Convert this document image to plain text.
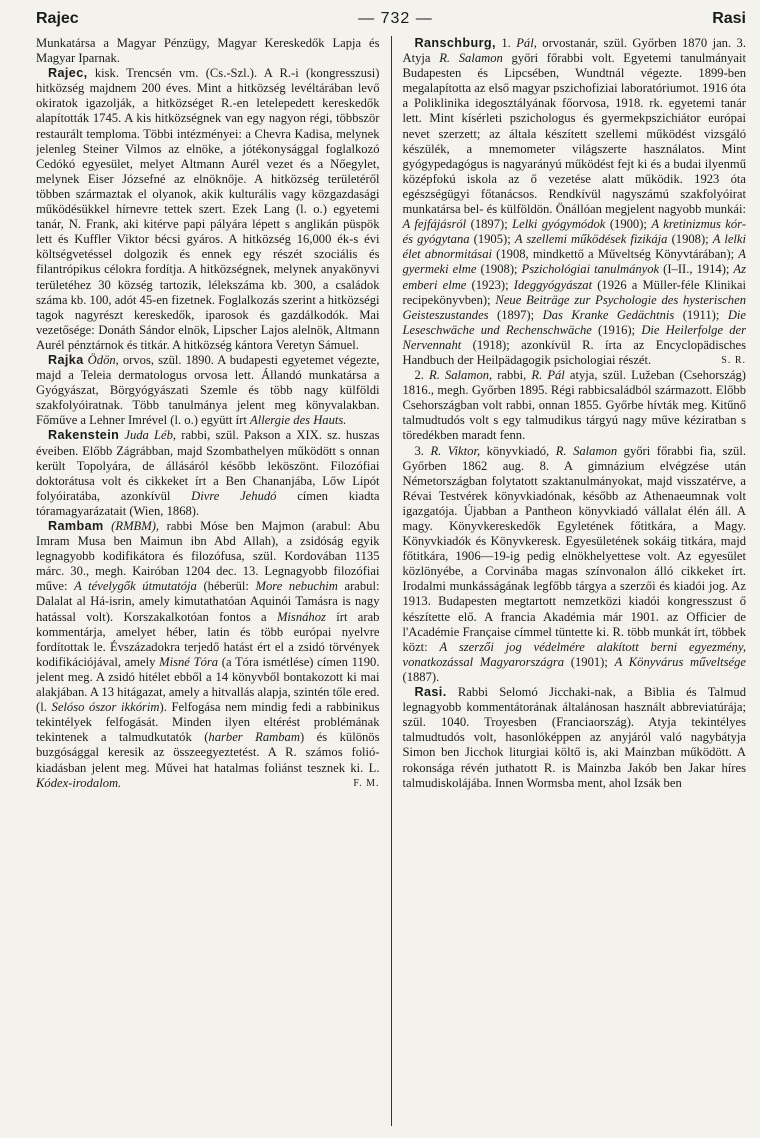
Rajec	— 732 —	Rasi

Munkatársa a Magyar Pénzügy, Magyar Kereskedők Lapja és Magyar Iparnak.

Rajec, kisk. Trencsén vm. (Cs.-Szl.). A R.-i (kongresszusi) hitközség majdnem 200 éves. Mint a hitközség levéltárában levő okiratok igazolják, a hitközséget R.-en letelepedett kereskedők alapították 1745. A kis hitközségnek van egy nagyon régi, többször restaurált temploma. Többi intézményei: a Chevra Kadisa, melynek jelenleg Steiner Vilmos az elnöke, a jótékonysággal foglalkozó Cedókó egyesület, melyet Altmann Aurél vezet és a Nőegylet, melynek Eiser Józsefné az elnöknője. A hitközség területéről többen származtak el olyanok, akik kulturális vagy közgazdasági működésükkel hírnevre tettek szert. Ezek Lang (l. o.) egyetemi tanár, N. Frank, aki kitérve papi pályára lépett s anglikán püspök lett és Kuffler Viktor bécsi gyáros. A hitközség 16,000 ék-s évi költségvetéssel dolgozik és ennek egy részét szociális és filantrópikus célokra fordítja. A hitközségnek, melynek anyakönyvi területéhez 30 község tartozik, lélekszáma kb. 300, a családok száma kb. 100, adót 45-en fizetnek. Foglalkozás szerint a hitközségi tagok nagyrészt kereskedők, iparosok és gazdálkodók. Mai vezetősége: Donáth Sándor elnök, Lipscher Lajos alelnök, Altmann Aurél pénztárnok és titkár. A hitközség kántora Veretyn Sámuel.

Rajka Ödön, orvos, szül. 1890. A budapesti egyetemet végezte, majd a Teleia dermatologus orvosa lett. Állandó munkatársa a Gyógyászat, Börgyógyászati Szemle és több nagy külföldi szakfolyóiratnak. Több tanulmánya jelent meg könyvalakban. Főműve a Lehner Imrével (l. o.) együtt írt Allergie des Hauts.

Rakenstein Juda Léb, rabbi, szül. Pakson a XIX. sz. huszas éveiben. Előbb Zágrábban, majd Szombathelyen működött s onnan került Topolyára, de állásáról később leköszönt. Filozófiai doktorátusa volt és cikkeket írt a Ben Chananjába, Lőw Lipót folyóiratába, azonkívül Divre Jehudó címen kiadta tóramagyarázatait (Wien, 1868).

Rambam (RMBM), rabbi Móse ben Majmon (arabul: Abu Imram Musa ben Maimun ibn Abd Allah), a zsidóság egyik legnagyobb kodifikátora és filozófusa, szül. Kordovában 1135 márc. 30., megh. Kairóban 1204 dec. 13. Legnagyobb filozófiai műve: A tévelygők útmutatója (héberül: More nebuchim arabul: Dalalat al Há-isrin, amely kimutathatóan Aquinói Tamásra is nagy hatással volt). Korszakalkotóan fontos a Misnához írt arab kommentárja, amelyet héber, latin és több európai nyelvre fordítottak le. Évszázadokra terjedő hatást ért el a zsidó törvények kodifikációjával, amely Misné Tóra (a Tóra ismétlése) címen 1190. jelent meg. A zsidó hitélet ebből a 14 könyvből bontakozott ki mai alakjában. A 13 hitágazat, amely a hitvallás alapja, szintén tőle ered. (l. Selóso ószor ikkórim). Felfogása nem mindig fedi a rabbinikus tekintélyek felfogását. Minden ilyen eltérést problémának tekintenek a talmudkutatók (harber Rambam) és különös buzgósággal keresik az összeegyeztetést. A R. számos folió-kiadásban jelent meg. Művei hat hatalmas foliánst tesznek ki. L. Kódex-irodalom.	F. M.

Ranschburg, 1. Pál, orvostanár, szül. Győrben 1870 jan. 3. Atyja R. Salamon győri főrabbi volt. Egyetemi tanulmányait Budapesten és Lipcsében, Wundtnál végezte. 1899-ben megalapította az első magyar pszichofiziai laboratóriumot. 1916 óta a Poliklinika idegosztályának főorvosa, 1918. rk. egyetemi tanár lett. Mint kísérleti pszichologus és gyermekpszichiátor európai nevet szerzett; az általa készített szellemi működést vizsgáló készülék, a mnemometer világszerte használatos. Mint gyógypedagógus is nagyarányú működést fejt ki és a budai ilyenmű középfokú iskola az ő vezetése alatt működik. 1923 óta egészségügyi főtanácsos. Rendkívül nagyszámú szakfolyóirat munkatársa bel- és külföldön. Önállóan megjelent nagyobb munkái: A fejfájásról (1897); Lelki gyógymódok (1900); A kretinizmus kór- és gyógytana (1905); A szellemi működések fizikája (1908); A lelki élet abnormitásai (1908, mindkettő a Műveltség Könyvtárában); A gyermeki elme (1908); Pszichológiai tanulmányok (I–II., 1914); Az emberi elme (1923); Ideggyógyászat (1926 a Müller-féle Klinikai recipekönyvben); Neue Beiträge zur Psychologie des hysterischen Geisteszustandes (1897); Das Kranke Gedächtnis (1911); Die Leseschwäche und Rechenschwäche (1916); Die Heilerfolge der Nervennaht (1918); azonkívül R. írta az Encyclopädisches Handbuch der Heilpädagogik psichologiai részét.	S. R.

2. R. Salamon, rabbi, R. Pál atyja, szül. Lužeban (Csehország) 1816., megh. Győrben 1895. Régi rabbicsaládból származott. Előbb Csehországban volt rabbi, onnan 1855. Győrbe hívták meg. Kitűnő talmudtudós volt s egy talmudikus tárgyú nagy műve kéziratban s töredékben maradt fenn.

3. R. Viktor, könyvkiadó, R. Salamon győri főrabbi fia, szül. Győrben 1862 aug. 8. A gimnázium elvégzése után Németországban folytatott szaktanulmányokat, majd visszatérve, a Révai Testvérek könyvkiadónak, később az Athenaeumnak volt igazgatója. Újabban a Pantheon könyvkiadó vállalat élén áll. A magy. Könyvkereskedők Egyletének főtitkára, a Magy. Könyvkiadók és Könyvkeresk. Egyesületének sokáig titkára, majd főtitkára, 1906—19-ig pedig elnökhelyettese volt. Az egyesület közlönyébe, a Corvinába magas színvonalon álló cikkeket írt. Irodalmi munkásságának legfőbb tárgya a szerzői és kiadói jog. Az 1913. Budapesten megtartott nemzetközi kiadói kongresszust ő készítette elő. A francia Akadémia már 1901. az Officier de l'Académie Française címmel tüntette ki. R. több munkát írt, többek közt: A szerzői jog védelmére alakított berni egyezmény, vonatkozással Magyarországra (1901); A Könyvárus műveltsége (1887).

Rasi. Rabbi Selomó Jicchaki-nak, a Biblia és Talmud legnagyobb kommentátorának általánosan használt abbreviatúrája; szül. 1040. Troyesben (Franciaország). Atyja tekintélyes talmudtudós volt, hasonlóképpen az anyjáról való nagybátyja Simon ben Jicchok liturgiai költő is, aki Mainzban működött. A rokonsága révén juthatott R. is Mainzba Jakób ben Jakar híres talmudiskolájába. Innen Wormsba ment, ahol Izsák ben
